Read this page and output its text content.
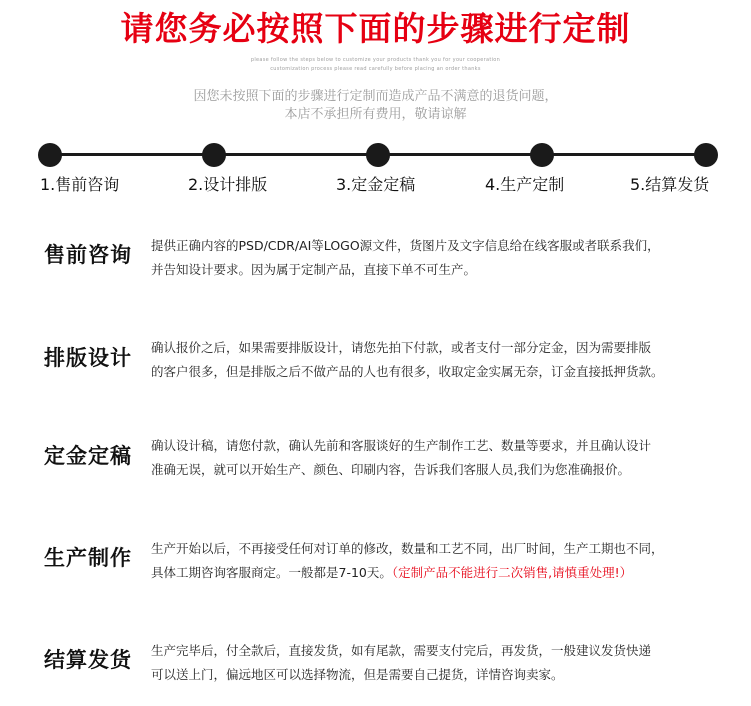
请您务必按照下面的步骤进行定制
please follow the steps below to customize your products thank you for your cooperation
customization process please read carefully before placing an order thanks
因您未按照下面的步骤进行定制而造成产品不满意的退货问题，
本店不承担所有费用，敬请谅解
1.售前咨询	2.设计排版	3.定金定稿	4.生产定制	5.结算发货
售前咨询 提供正确内容的PSD/CDR/AI等LOGO源文件，货图片及文字信息给在线客服或者联系我们，
并告知设计要求。因为属于定制产品，直接下单不可生产。
排版设计 确认报价之后，如果需要排版设计，请您先拍下付款，或者支付一部分定金，因为需要排版
的客户很多，但是排版之后不做产品的人也有很多，收取定金实属无奈，订金直接抵押货款。
定金定稿 确认设计稿，请您付款，确认先前和客服谈好的生产制作工艺、数量等要求，并且确认设计
准确无误，就可以开始生产、颜色、印刷内容，告诉我们客服人员,我们为您准确报价。
生产制作 生产开始以后，不再接受任何对订单的修改，数量和工艺不同，出厂时间，生产工期也不同，
具体工期咨询客服商定。一般都是7-10天。（定制产品不能进行二次销售,请慎重处理!）
结算发货 生产完毕后，付全款后，直接发货，如有尾款，需要支付完后，再发货，一般建议发货快递
可以送上门，偏远地区可以选择物流，但是需要自己提货，详情咨询卖家。
